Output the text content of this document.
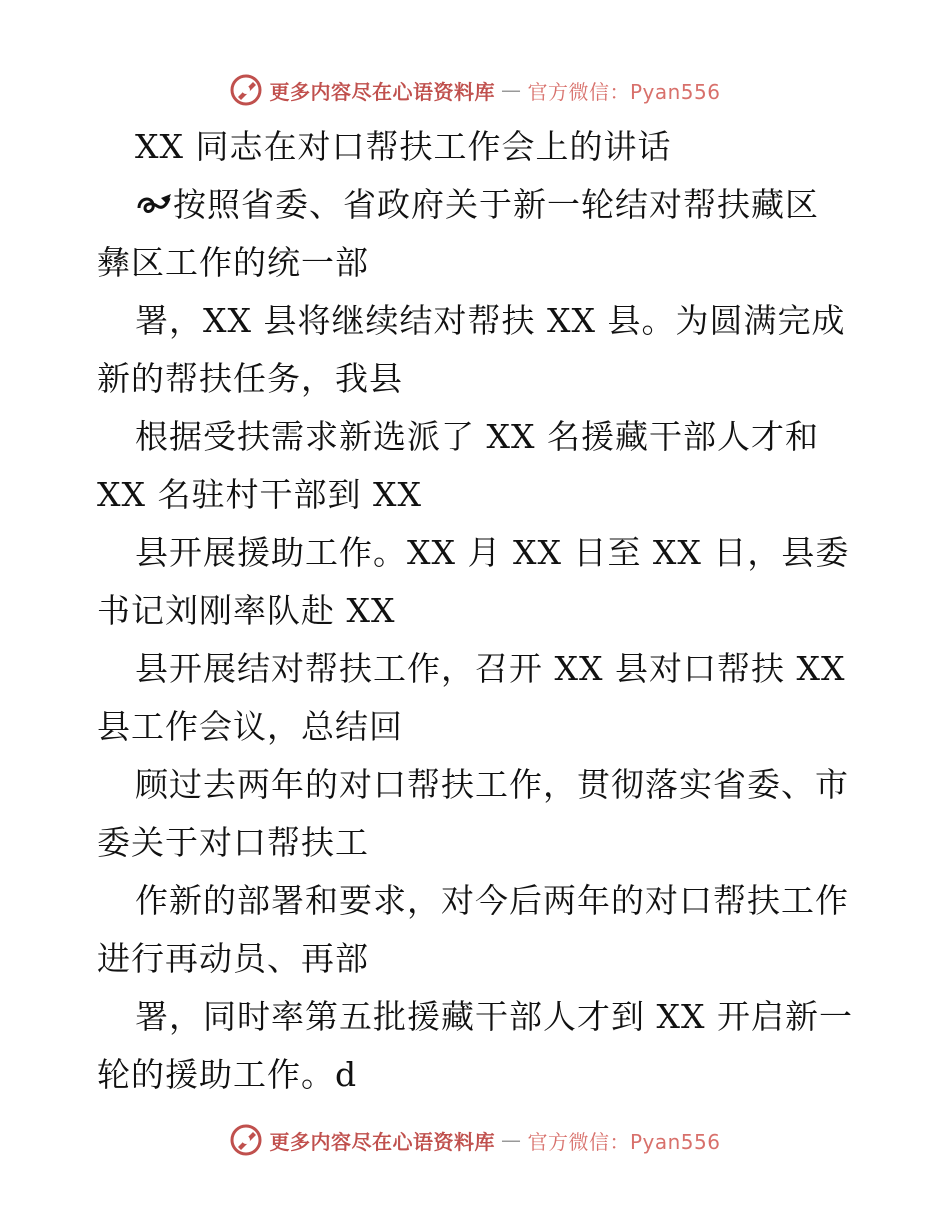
更多内容尽在心语资料库 — 官方微信：Pyan556
XX 同志在对口帮扶工作会上的讲话
按照省委、省政府关于新一轮结对帮扶藏区
彝区工作的统一部
署，XX 县将继续结对帮扶 XX 县。为圆满完成
新的帮扶任务，我县
根据受扶需求新选派了 XX 名援藏干部人才和
XX 名驻村干部到 XX
县开展援助工作。XX 月 XX 日至 XX 日，县委
书记刘刚率队赴 XX
县开展结对帮扶工作，召开 XX 县对口帮扶 XX
县工作会议，总结回
顾过去两年的对口帮扶工作，贯彻落实省委、市
委关于对口帮扶工
作新的部署和要求，对今后两年的对口帮扶工作
进行再动员、再部
署，同时率第五批援藏干部人才到 XX 开启新一
轮的援助工作。d
更多内容尽在心语资料库 — 官方微信：Pyan556
